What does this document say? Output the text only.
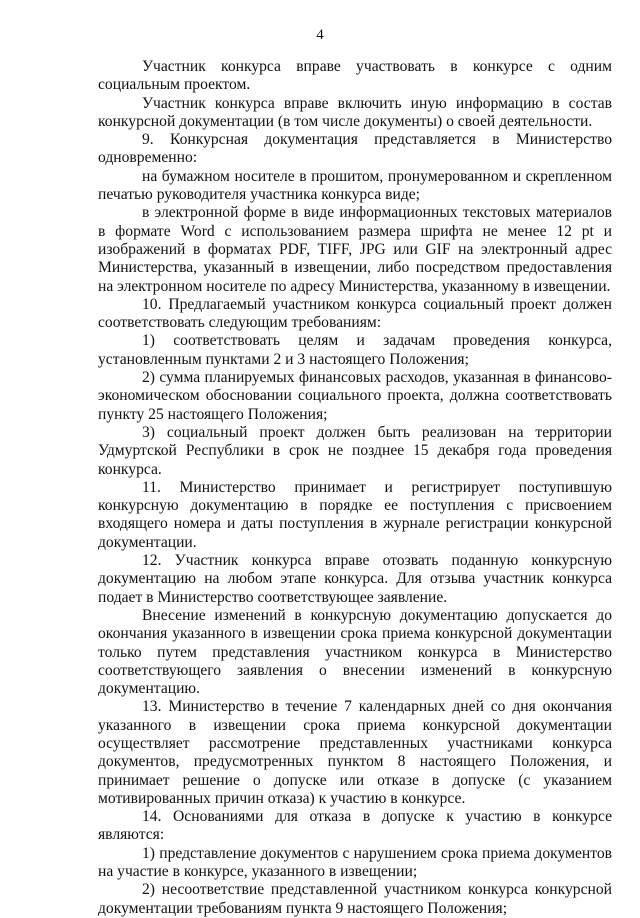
4

Участник конкурса вправе участвовать в конкурсе с одним социальным проектом.

Участник конкурса вправе включить иную информацию в состав конкурсной документации (в том числе документы) о своей деятельности.

9. Конкурсная документация представляется в Министерство одновременно:

на бумажном носителе в прошитом, пронумерованном и скрепленном печатью руководителя участника конкурса виде;

в электронной форме в виде информационных текстовых материалов в формате Word с использованием размера шрифта не менее 12 pt и изображений в форматах PDF, TIFF, JPG или GIF на электронный адрес Министерства, указанный в извещении, либо посредством предоставления на электронном носителе по адресу Министерства, указанному в извещении.

10. Предлагаемый участником конкурса социальный проект должен соответствовать следующим требованиям:

1) соответствовать целям и задачам проведения конкурса, установленным пунктами 2 и 3 настоящего Положения;

2) сумма планируемых финансовых расходов, указанная в финансово-экономическом обосновании социального проекта, должна соответствовать пункту 25 настоящего Положения;

3) социальный проект должен быть реализован на территории Удмуртской Республики в срок не позднее 15 декабря года проведения конкурса.

11. Министерство принимает и регистрирует поступившую конкурсную документацию в порядке ее поступления с присвоением входящего номера и даты поступления в журнале регистрации конкурсной документации.

12. Участник конкурса вправе отозвать поданную конкурсную документацию на любом этапе конкурса. Для отзыва участник конкурса подает в Министерство соответствующее заявление.

Внесение изменений в конкурсную документацию допускается до окончания указанного в извещении срока приема конкурсной документации только путем представления участником конкурса в Министерство соответствующего заявления о внесении изменений в конкурсную документацию.

13. Министерство в течение 7 календарных дней со дня окончания указанного в извещении срока приема конкурсной документации осуществляет рассмотрение представленных участниками конкурса документов, предусмотренных пунктом 8 настоящего Положения, и принимает решение о допуске или отказе в допуске (с указанием мотивированных причин отказа) к участию в конкурсе.

14. Основаниями для отказа в допуске к участию в конкурсе являются:

1) представление документов с нарушением срока приема документов на участие в конкурсе, указанного в извещении;

2) несоответствие представленной участником конкурса конкурсной документации требованиям пункта 9 настоящего Положения;
